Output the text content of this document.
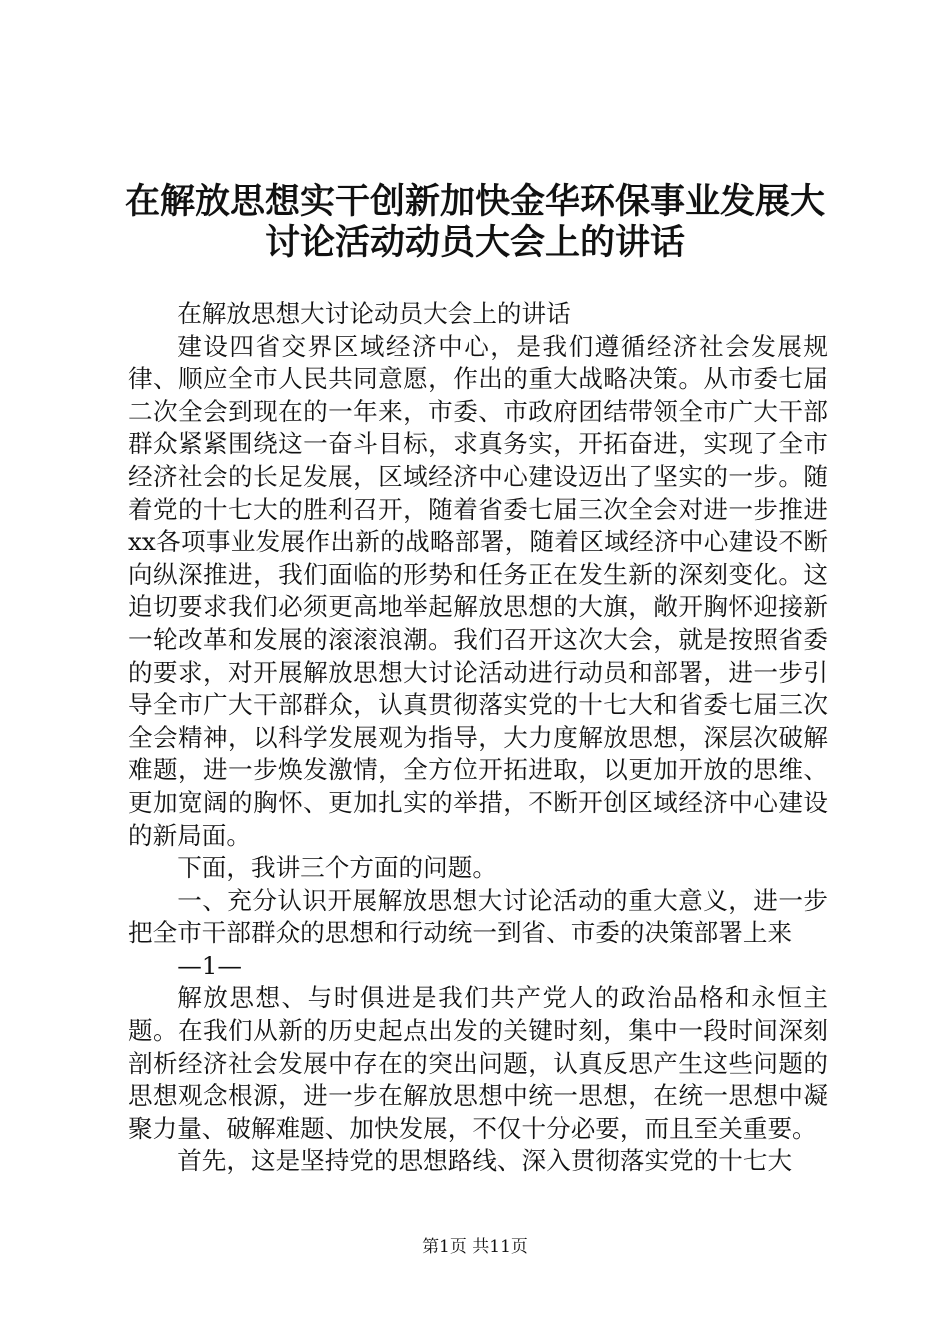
在解放思想实干创新加快金华环保事业发展大
讨论活动动员大会上的讲话

在解放思想大讨论动员大会上的讲话

建设四省交界区域经济中心，是我们遵循经济社会发展规律、顺应全市人民共同意愿，作出的重大战略决策。从市委七届二次全会到现在的一年来，市委、市政府团结带领全市广大干部群众紧紧围绕这一奋斗目标，求真务实，开拓奋进，实现了全市经济社会的长足发展，区域经济中心建设迈出了坚实的一步。随着党的十七大的胜利召开，随着省委七届三次全会对进一步推进xx各项事业发展作出新的战略部署，随着区域经济中心建设不断向纵深推进，我们面临的形势和任务正在发生新的深刻变化。这迫切要求我们必须更高地举起解放思想的大旗，敞开胸怀迎接新一轮改革和发展的滚滚浪潮。我们召开这次大会，就是按照省委的要求，对开展解放思想大讨论活动进行动员和部署，进一步引导全市广大干部群众，认真贯彻落实党的十七大和省委七届三次全会精神，以科学发展观为指导，大力度解放思想，深层次破解难题，进一步焕发激情，全方位开拓进取，以更加开放的思维、更加宽阔的胸怀、更加扎实的举措，不断开创区域经济中心建设的新局面。

下面，我讲三个方面的问题。

一、充分认识开展解放思想大讨论活动的重大意义，进一步把全市干部群众的思想和行动统一到省、市委的决策部署上来

—1—

解放思想、与时俱进是我们共产党人的政治品格和永恒主题。在我们从新的历史起点出发的关键时刻，集中一段时间深刻剖析经济社会发展中存在的突出问题，认真反思产生这些问题的思想观念根源，进一步在解放思想中统一思想，在统一思想中凝聚力量、破解难题、加快发展，不仅十分必要，而且至关重要。

首先，这是坚持党的思想路线、深入贯彻落实党的十七大

第1页 共11页
